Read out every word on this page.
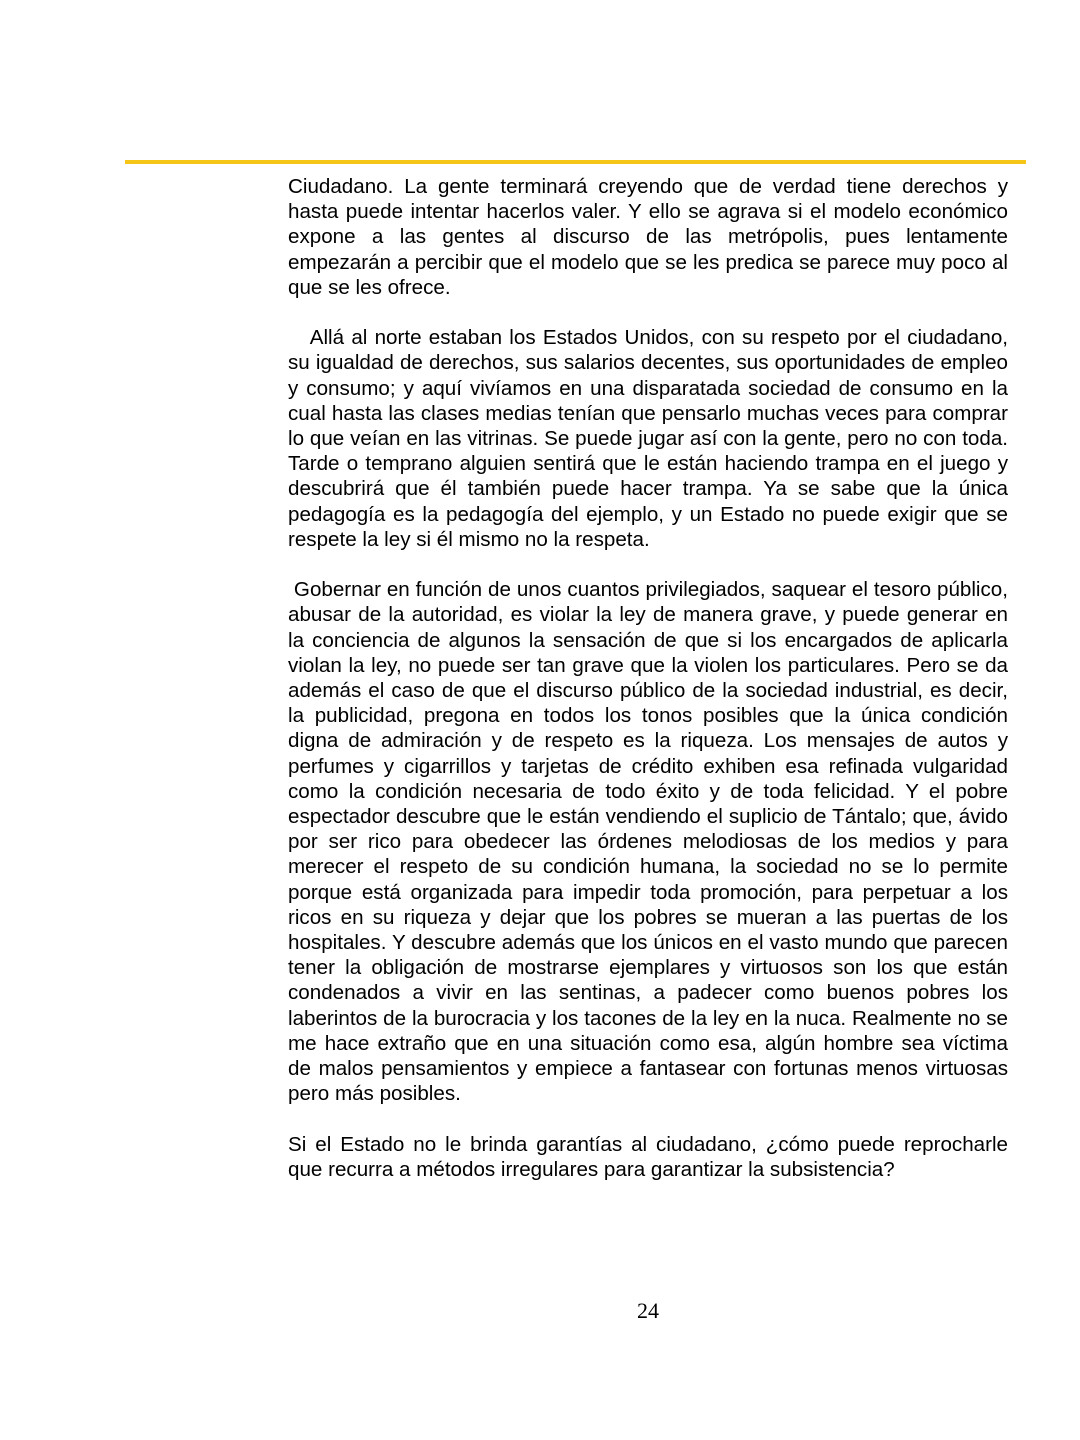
Ciudadano. La gente terminará creyendo que de verdad tiene derechos y hasta puede intentar hacerlos valer. Y ello se agrava si el modelo económico expone a las gentes al discurso de las metrópolis, pues lentamente empezarán a percibir que el modelo que se les predica se parece muy poco al que se les ofrece.

Allá al norte estaban los Estados Unidos, con su respeto por el ciudadano, su igualdad de derechos, sus salarios decentes, sus oportunidades de empleo y consumo; y aquí vivíamos en una disparatada sociedad de consumo en la cual hasta las clases medias tenían que pensarlo muchas veces para comprar lo que veían en las vitrinas. Se puede jugar así con la gente, pero no con toda. Tarde o temprano alguien sentirá que le están haciendo trampa en el juego y descubrirá que él también puede hacer trampa. Ya se sabe que la única pedagogía es la pedagogía del ejemplo, y un Estado no puede exigir que se respete la ley si él mismo no la respeta.

Gobernar en función de unos cuantos privilegiados, saquear el tesoro público, abusar de la autoridad, es violar la ley de manera grave, y puede generar en la conciencia de algunos la sensación de que si los encargados de aplicarla violan la ley, no puede ser tan grave que la violen los particulares. Pero se da además el caso de que el discurso público de la sociedad industrial, es decir, la publicidad, pregona en todos los tonos posibles que la única condición digna de admiración y de respeto es la riqueza. Los mensajes de autos y perfumes y cigarrillos y tarjetas de crédito exhiben esa refinada vulgaridad como la condición necesaria de todo éxito y de toda felicidad. Y el pobre espectador descubre que le están vendiendo el suplicio de Tántalo; que, ávido por ser rico para obedecer las órdenes melodiosas de los medios y para merecer el respeto de su condición humana, la sociedad no se lo permite porque está organizada para impedir toda promoción, para perpetuar a los ricos en su riqueza y dejar que los pobres se mueran a las puertas de los hospitales. Y descubre además que los únicos en el vasto mundo que parecen tener la obligación de mostrarse ejemplares y virtuosos son los que están condenados a vivir en las sentinas, a padecer como buenos pobres los laberintos de la burocracia y los tacones de la ley en la nuca. Realmente no se me hace extraño que en una situación como esa, algún hombre sea víctima de malos pensamientos y empiece a fantasear con fortunas menos virtuosas pero más posibles.

Si el Estado no le brinda garantías al ciudadano, ¿cómo puede reprocharle que recurra a métodos irregulares para garantizar la subsistencia?

24
